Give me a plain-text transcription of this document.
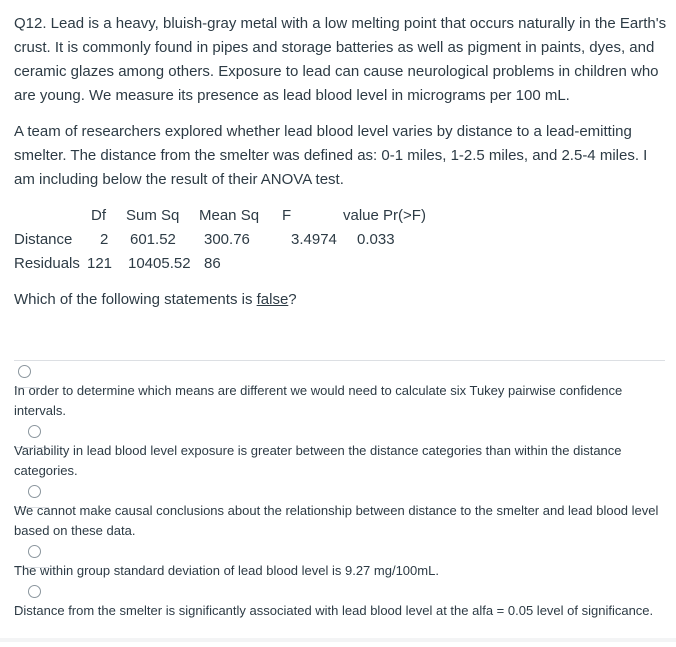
Q12. Lead is a heavy, bluish-gray metal with a low melting point that occurs naturally in the Earth's crust. It is commonly found in pipes and storage batteries as well as pigment in paints, dyes, and ceramic glazes among others. Exposure to lead can cause neurological problems in children who are young. We measure its presence as lead blood level in micrograms per 100 mL.

A team of researchers explored whether lead blood level varies by distance to a lead-emitting smelter. The distance from the smelter was defined as: 0-1 miles, 1-2.5 miles, and 2.5-4 miles. I am including below the result of their ANOVA test.

Df Sum Sq Mean Sq F	value Pr(>F)
Distance 2 601.52 300.76	3.4974 0.033
Residuals 121 10405.52 86

Which of the following statements is false?

In order to determine which means are different we would need to calculate six Tukey pairwise confidence intervals.
Variability in lead blood level exposure is greater between the distance categories than within the distance categories.
We cannot make causal conclusions about the relationship between distance to the smelter and lead blood level based on these data.
The within group standard deviation of lead blood level is 9.27 mg/100mL.
Distance from the smelter is significantly associated with lead blood level at the alfa = 0.05 level of significance.
